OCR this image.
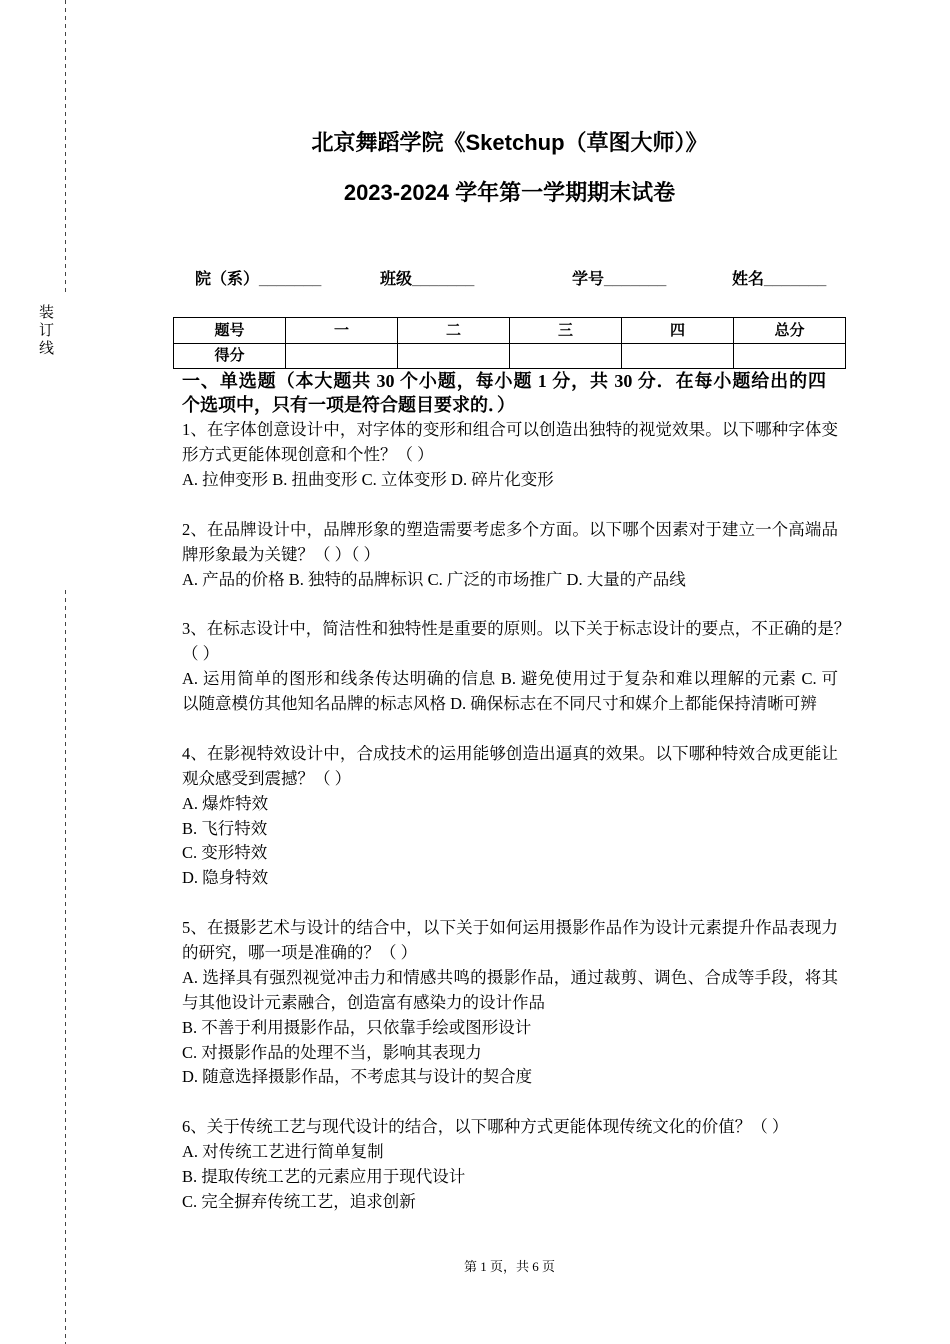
装订线
北京舞蹈学院《Sketchup（草图大师）》
2023-2024 学年第一学期期末试卷
院（系）_______	班级_______	学号_______	姓名_______
题号	一	二	三	四	总分
得分					
一、单选题（本大题共 30 个小题，每小题 1 分，共 30 分．在每小题给出的四
个选项中，只有一项是符合题目要求的．）
1、在字体创意设计中，对字体的变形和组合可以创造出独特的视觉效果。以下哪种字体变
形方式更能体现创意和个性？（ ）
A. 拉伸变形 B. 扭曲变形 C. 立体变形 D. 碎片化变形
2、在品牌设计中，品牌形象的塑造需要考虑多个方面。以下哪个因素对于建立一个高端品
牌形象最为关键？（ ）（ ）
A. 产品的价格 B. 独特的品牌标识 C. 广泛的市场推广 D. 大量的产品线
3、在标志设计中，简洁性和独特性是重要的原则。以下关于标志设计的要点，不正确的是？
（ ）
A. 运用简单的图形和线条传达明确的信息 B. 避免使用过于复杂和难以理解的元素 C. 可
以随意模仿其他知名品牌的标志风格 D. 确保标志在不同尺寸和媒介上都能保持清晰可辨
4、在影视特效设计中，合成技术的运用能够创造出逼真的效果。以下哪种特效合成更能让
观众感受到震撼？（ ）
A. 爆炸特效
B. 飞行特效
C. 变形特效
D. 隐身特效
5、在摄影艺术与设计的结合中，以下关于如何运用摄影作品作为设计元素提升作品表现力
的研究，哪一项是准确的？（ ）
A. 选择具有强烈视觉冲击力和情感共鸣的摄影作品，通过裁剪、调色、合成等手段，将其
与其他设计元素融合，创造富有感染力的设计作品
B. 不善于利用摄影作品，只依靠手绘或图形设计
C. 对摄影作品的处理不当，影响其表现力
D. 随意选择摄影作品，不考虑其与设计的契合度
6、关于传统工艺与现代设计的结合，以下哪种方式更能体现传统文化的价值？（ ）
A. 对传统工艺进行简单复制
B. 提取传统工艺的元素应用于现代设计
C. 完全摒弃传统工艺，追求创新
第 1 页，共 6 页
